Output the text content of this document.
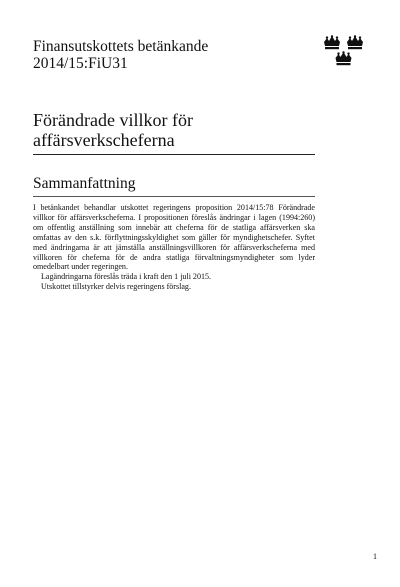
Finansutskottets betänkande
2014/15:FiU31
Förändrade villkor för
affärsverkscheferna
Sammanfattning

I betänkandet behandlar utskottet regeringens proposition 2014/15:78 Förändrade villkor för affärsverkscheferna. I propositionen föreslås ändringar i lagen (1994:260) om offentlig anställning som innebär att cheferna för de statliga affärsverken ska omfattas av den s.k. förflyttningsskyldighet som gäller för myndighetschefer. Syftet med ändringarna är att jämställa anställningsvillkoren för affärsverkscheferna med villkoren för cheferna för de andra statliga förvaltningsmyndigheter som lyder omedelbart under regeringen.

Lagändringarna föreslås träda i kraft den 1 juli 2015.

Utskottet tillstyrker delvis regeringens förslag.

1
